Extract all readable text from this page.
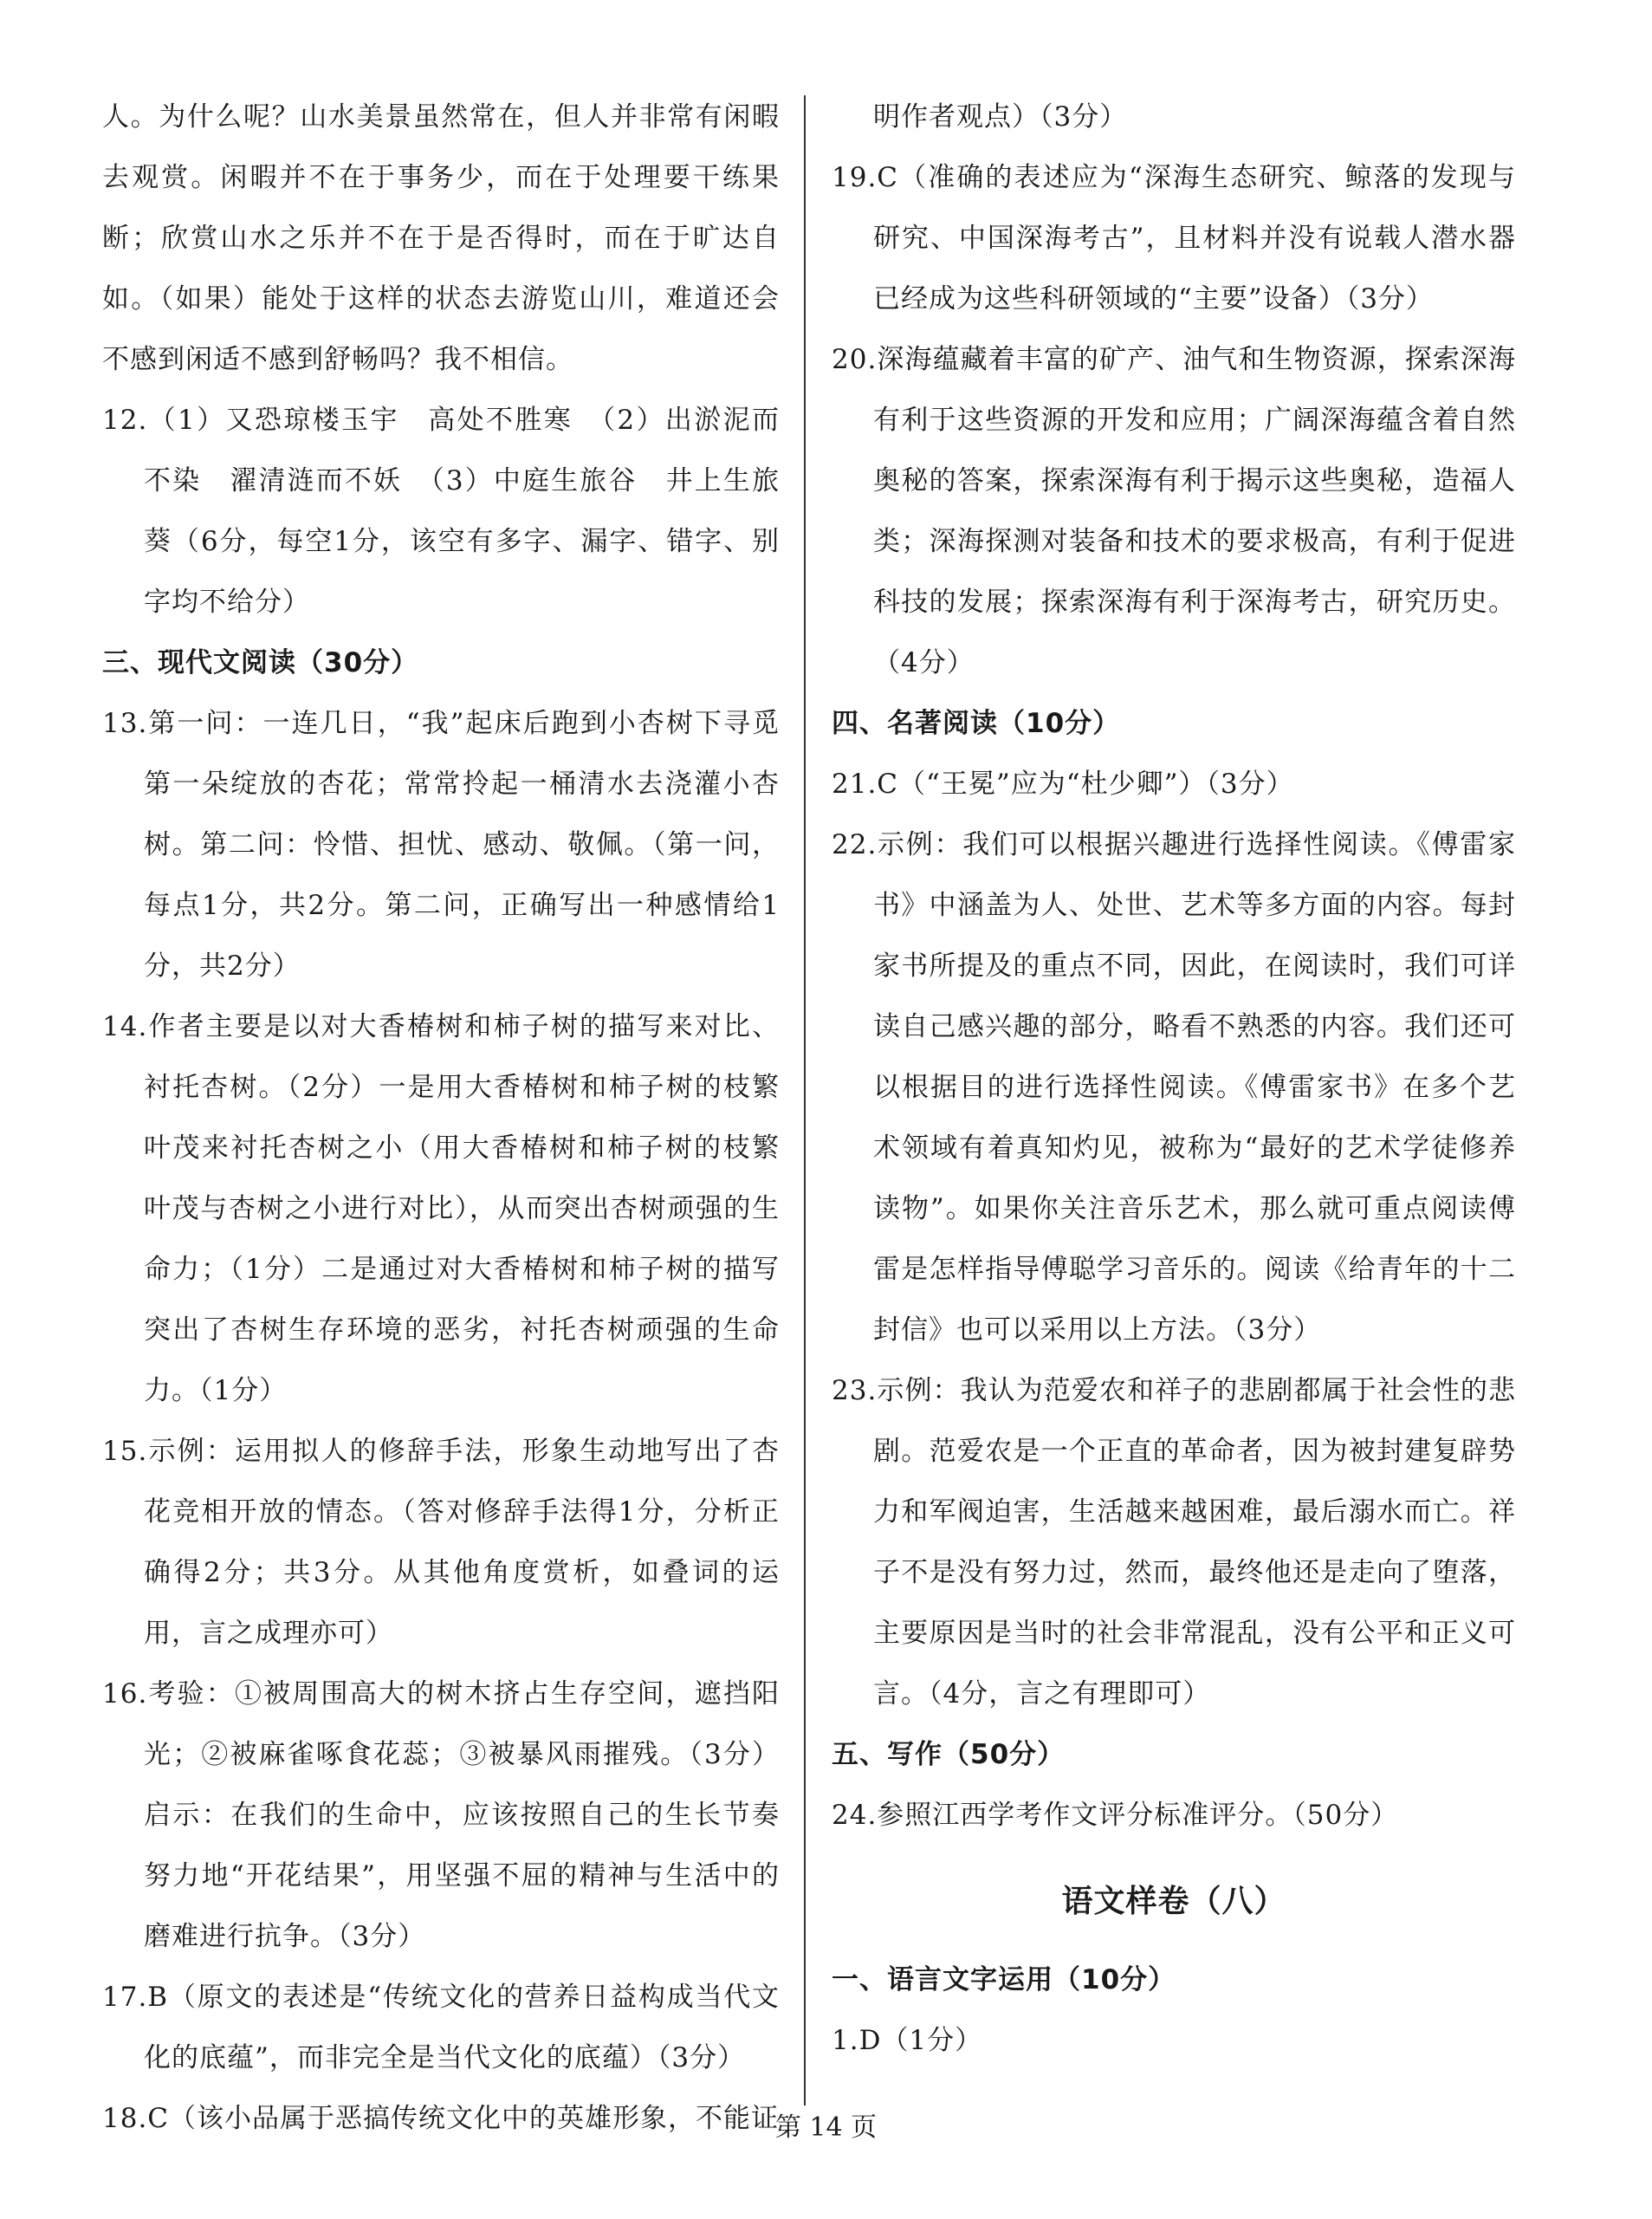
人。为什么呢？山水美景虽然常在，但人并非常有闲暇去观赏。闲暇并不在于事务少，而在于处理要干练果断；欣赏山水之乐并不在于是否得时，而在于旷达自如。（如果）能处于这样的状态去游览山川，难道还会不感到闲适不感到舒畅吗？我不相信。

12.（1）又恐琼楼玉宇　高处不胜寒　（2）出淤泥而不染　濯清涟而不妖　（3）中庭生旅谷　井上生旅葵（6分，每空1分，该空有多字、漏字、错字、别字均不给分）

三、现代文阅读（30分）

13.第一问：一连几日，“我”起床后跑到小杏树下寻觅第一朵绽放的杏花；常常拎起一桶清水去浇灌小杏树。第二问：怜惜、担忧、感动、敬佩。（第一问，每点1分，共2分。第二问，正确写出一种感情给1分，共2分）

14.作者主要是以对大香椿树和柿子树的描写来对比、衬托杏树。（2分）一是用大香椿树和柿子树的枝繁叶茂来衬托杏树之小（用大香椿树和柿子树的枝繁叶茂与杏树之小进行对比），从而突出杏树顽强的生命力；（1分）二是通过对大香椿树和柿子树的描写突出了杏树生存环境的恶劣，衬托杏树顽强的生命力。（1分）

15.示例：运用拟人的修辞手法，形象生动地写出了杏花竞相开放的情态。（答对修辞手法得1分，分析正确得2分；共3分。从其他角度赏析，如叠词的运用，言之成理亦可）

16.考验：①被周围高大的树木挤占生存空间，遮挡阳光；②被麻雀啄食花蕊；③被暴风雨摧残。（3分）启示：在我们的生命中，应该按照自己的生长节奏努力地“开花结果”，用坚强不屈的精神与生活中的磨难进行抗争。（3分）

17.B（原文的表述是“传统文化的营养日益构成当代文化的底蕴”，而非完全是当代文化的底蕴）（3分）

18.C（该小品属于恶搞传统文化中的英雄形象，不能证

明作者观点）（3分）

19.C（准确的表述应为“深海生态研究、鲸落的发现与研究、中国深海考古”，且材料并没有说载人潜水器已经成为这些科研领域的“主要”设备）（3分）

20.深海蕴藏着丰富的矿产、油气和生物资源，探索深海有利于这些资源的开发和应用；广阔深海蕴含着自然奥秘的答案，探索深海有利于揭示这些奥秘，造福人类；深海探测对装备和技术的要求极高，有利于促进科技的发展；探索深海有利于深海考古，研究历史。（4分）

四、名著阅读（10分）

21.C（“王冕”应为“杜少卿”）（3分）

22.示例：我们可以根据兴趣进行选择性阅读。《傅雷家书》中涵盖为人、处世、艺术等多方面的内容。每封家书所提及的重点不同，因此，在阅读时，我们可详读自己感兴趣的部分，略看不熟悉的内容。我们还可以根据目的进行选择性阅读。《傅雷家书》在多个艺术领域有着真知灼见，被称为“最好的艺术学徒修养读物”。如果你关注音乐艺术，那么就可重点阅读傅雷是怎样指导傅聪学习音乐的。阅读《给青年的十二封信》也可以采用以上方法。（3分）

23.示例：我认为范爱农和祥子的悲剧都属于社会性的悲剧。范爱农是一个正直的革命者，因为被封建复辟势力和军阀迫害，生活越来越困难，最后溺水而亡。祥子不是没有努力过，然而，最终他还是走向了堕落，主要原因是当时的社会非常混乱，没有公平和正义可言。（4分，言之有理即可）

五、写作（50分）

24.参照江西学考作文评分标准评分。（50分）

语文样卷（八）

一、语言文字运用（10分）

1.D（1分）

第 14 页
